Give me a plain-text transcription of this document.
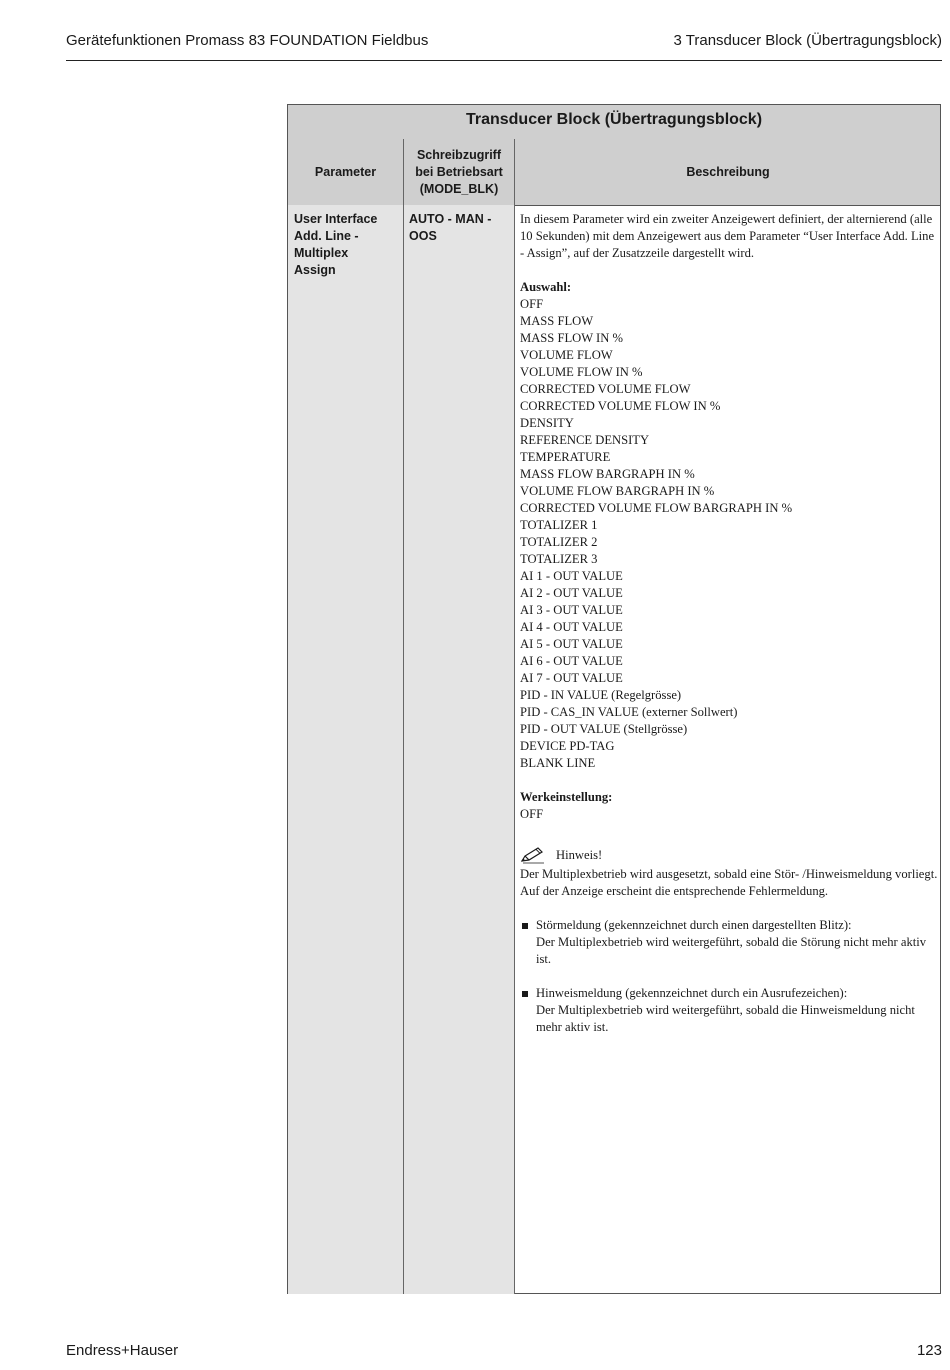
Gerätefunktionen Promass 83 FOUNDATION Fieldbus	3 Transducer Block (Übertragungsblock)
Transducer Block (Übertragungsblock)
Parameter
Schreibzugriff
bei Betriebsart
(MODE_BLK)
Beschreibung
User Interface
Add. Line -
Multiplex
Assign
AUTO - MAN -
OOS

In diesem Parameter wird ein zweiter Anzeigewert definiert, der alternierend (alle 10 Sekunden) mit dem Anzeigewert aus dem Parameter “User Interface Add. Line - Assign”, auf der Zusatzzeile dargestellt wird.

Auswahl:

OFF
MASS FLOW
MASS FLOW IN %
VOLUME FLOW
VOLUME FLOW IN %
CORRECTED VOLUME FLOW
CORRECTED VOLUME FLOW IN %
DENSITY
REFERENCE DENSITY
TEMPERATURE
MASS FLOW BARGRAPH IN %
VOLUME FLOW BARGRAPH IN %
CORRECTED VOLUME FLOW BARGRAPH IN %
TOTALIZER 1
TOTALIZER 2
TOTALIZER 3
AI 1 - OUT VALUE
AI 2 - OUT VALUE
AI 3 - OUT VALUE
AI 4 - OUT VALUE
AI 5 - OUT VALUE
AI 6 - OUT VALUE
AI 7 - OUT VALUE
PID - IN VALUE (Regelgrösse)
PID - CAS_IN VALUE (externer Sollwert)
PID - OUT VALUE (Stellgrösse)
DEVICE PD-TAG
BLANK LINE

Werkeinstellung:

OFF

Hinweis!

Der Multiplexbetrieb wird ausgesetzt, sobald eine Stör- /Hinweismeldung vorliegt. Auf der Anzeige erscheint die entsprechende Fehlermeldung.

Störmeldung (gekennzeichnet durch einen dargestellten Blitz):
Der Multiplexbetrieb wird weitergeführt, sobald die Störung nicht mehr aktiv ist.
Hinweismeldung (gekennzeichnet durch ein Ausrufezeichen):
Der Multiplexbetrieb wird weitergeführt, sobald die Hinweismeldung nicht mehr aktiv ist.
Endress+Hauser	123
